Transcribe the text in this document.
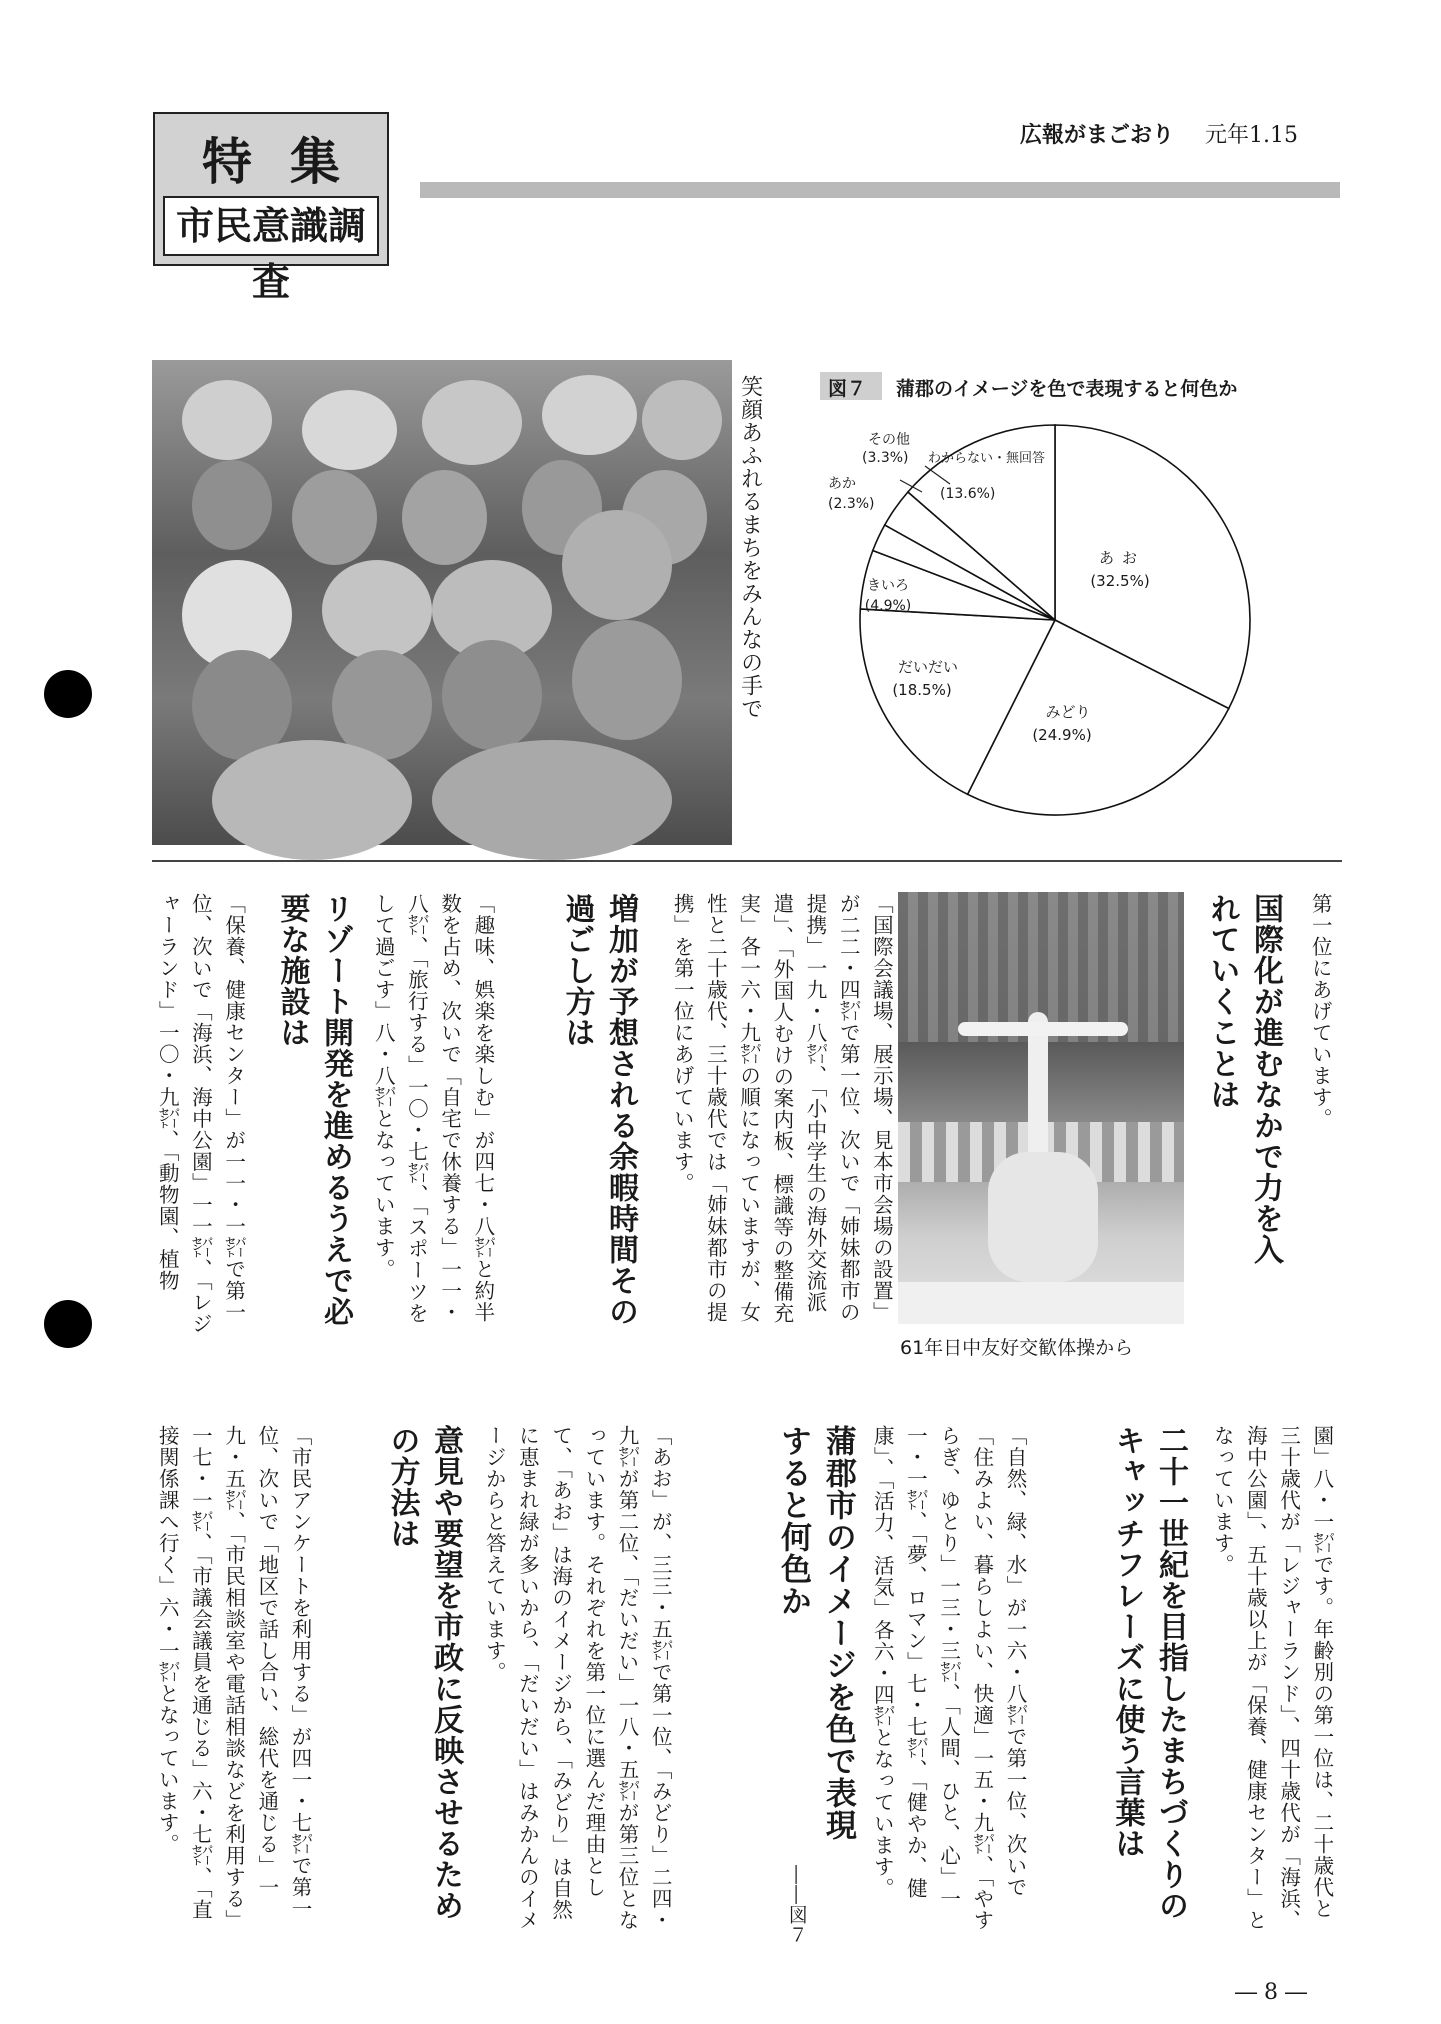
特集
市民意識調査
広報がまごおり 元年1.15
笑顔あふれるまちをみんなの手で	図７ 蒲郡のイメージを色で表現すると何色か
あお
(32.5%)
みどり
(24.9%)
だいだい
(18.5%)
きいろ
(4.9%)
あか
(2.3%)
その他
(3.3%) わからない・無回答
(13.6%)
61年日中友好交歓体操から
第一位にあげています。
国際化が進むなかで力を入れていくことは
「国際会議場、展示場、見本市会場の設置」が二二・四㌫で第一位、次いで「姉妹都市の提携」一九・八㌫、「小中学生の海外交流派遣」、「外国人むけの案内板、標識等の整備充実」各一六・九㌫の順になっていますが、女性と二十歳代、三十歳代では「姉妹都市の提携」を第一位にあげています。
増加が予想される余暇時間その過ごし方は
「趣味、娯楽を楽しむ」が四七・八㌫と約半数を占め、次いで「自宅で休養する」一一・八㌫、「旅行する」一〇・七㌫、「スポーツをして過ごす」八・八㌫となっています。
リゾート開発を進めるうえで必要な施設は
「保養、健康センター」が一一・一㌫で第一位、次いで「海浜、海中公園」一一㌫、「レジャーランド」一〇・九㌫、「動物園、植物
園」八・一㌫です。年齢別の第一位は、二十歳代と三十歳代が「レジャーランド」、四十歳代が「海浜、海中公園」、五十歳以上が「保養、健康センター」となっています。
二十一世紀を目指したまちづくりのキャッチフレーズに使う言葉は
「自然、緑、水」が一六・八㌫で第一位、次いで「住みよい、暮らしよい、快適」一五・九㌫、「やすらぎ、ゆとり」一三・三㌫、「人間、ひと、心」一一・一㌫、「夢、ロマン」七・七㌫、「健やか、健康」、「活力、活気」各六・四㌫となっています。
蒲郡市のイメージを色で表現すると何色か
――図７
「あお」が、三三・五㌫で第一位、「みどり」二四・九㌫が第二位、「だいだい」一八・五㌫が第三位となっています。それぞれを第一位に選んだ理由として、「あお」は海のイメージから、「みどり」は自然に恵まれ緑が多いから、「だいだい」はみかんのイメージからと答えています。
意見や要望を市政に反映させるための方法は
「市民アンケートを利用する」が四一・七㌫で第一位、次いで「地区で話し合い、総代を通じる」一九・五㌫、「市民相談室や電話相談などを利用する」一七・一㌫、「市議会議員を通じる」六・七㌫、「直接関係課へ行く」六・一㌫となっています。
― 8 ―
